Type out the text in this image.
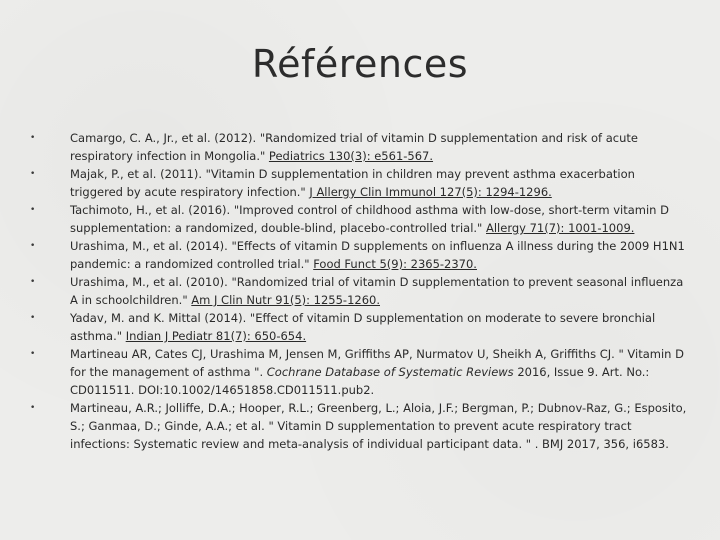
Références
•	Camargo, C. A., Jr., et al. (2012). "Randomized trial of vitamin D supplementation and risk of acute respiratory infection in Mongolia." Pediatrics 130(3): e561-567.
•	Majak, P., et al. (2011). "Vitamin D supplementation in children may prevent asthma exacerbation triggered by acute respiratory infection." J Allergy Clin Immunol 127(5): 1294-1296.
•	Tachimoto, H., et al. (2016). "Improved control of childhood asthma with low-dose, short-term vitamin D supplementation: a randomized, double-blind, placebo-controlled trial." Allergy 71(7): 1001-1009.
•	Urashima, M., et al. (2014). "Effects of vitamin D supplements on influenza A illness during the 2009 H1N1 pandemic: a randomized controlled trial." Food Funct 5(9): 2365-2370.
•	Urashima, M., et al. (2010). "Randomized trial of vitamin D supplementation to prevent seasonal influenza A in schoolchildren." Am J Clin Nutr 91(5): 1255-1260.
•	Yadav, M. and K. Mittal (2014). "Effect of vitamin D supplementation on moderate to severe bronchial asthma." Indian J Pediatr 81(7): 650-654.
•	Martineau AR, Cates CJ, Urashima M, Jensen M, Griffiths AP, Nurmatov U, Sheikh A, Griffiths CJ. " Vitamin D for the management of asthma ". Cochrane Database of Systematic Reviews 2016, Issue 9. Art. No.: CD011511. DOI:10.1002/14651858.CD011511.pub2.
•	Martineau, A.R.; Jolliffe, D.A.; Hooper, R.L.; Greenberg, L.; Aloia, J.F.; Bergman, P.; Dubnov-Raz, G.; Esposito, S.; Ganmaa, D.; Ginde, A.A.; et al. " Vitamin D supplementation to prevent acute respiratory tract infections: Systematic review and meta-analysis of individual participant data. " . BMJ 2017, 356, i6583.
